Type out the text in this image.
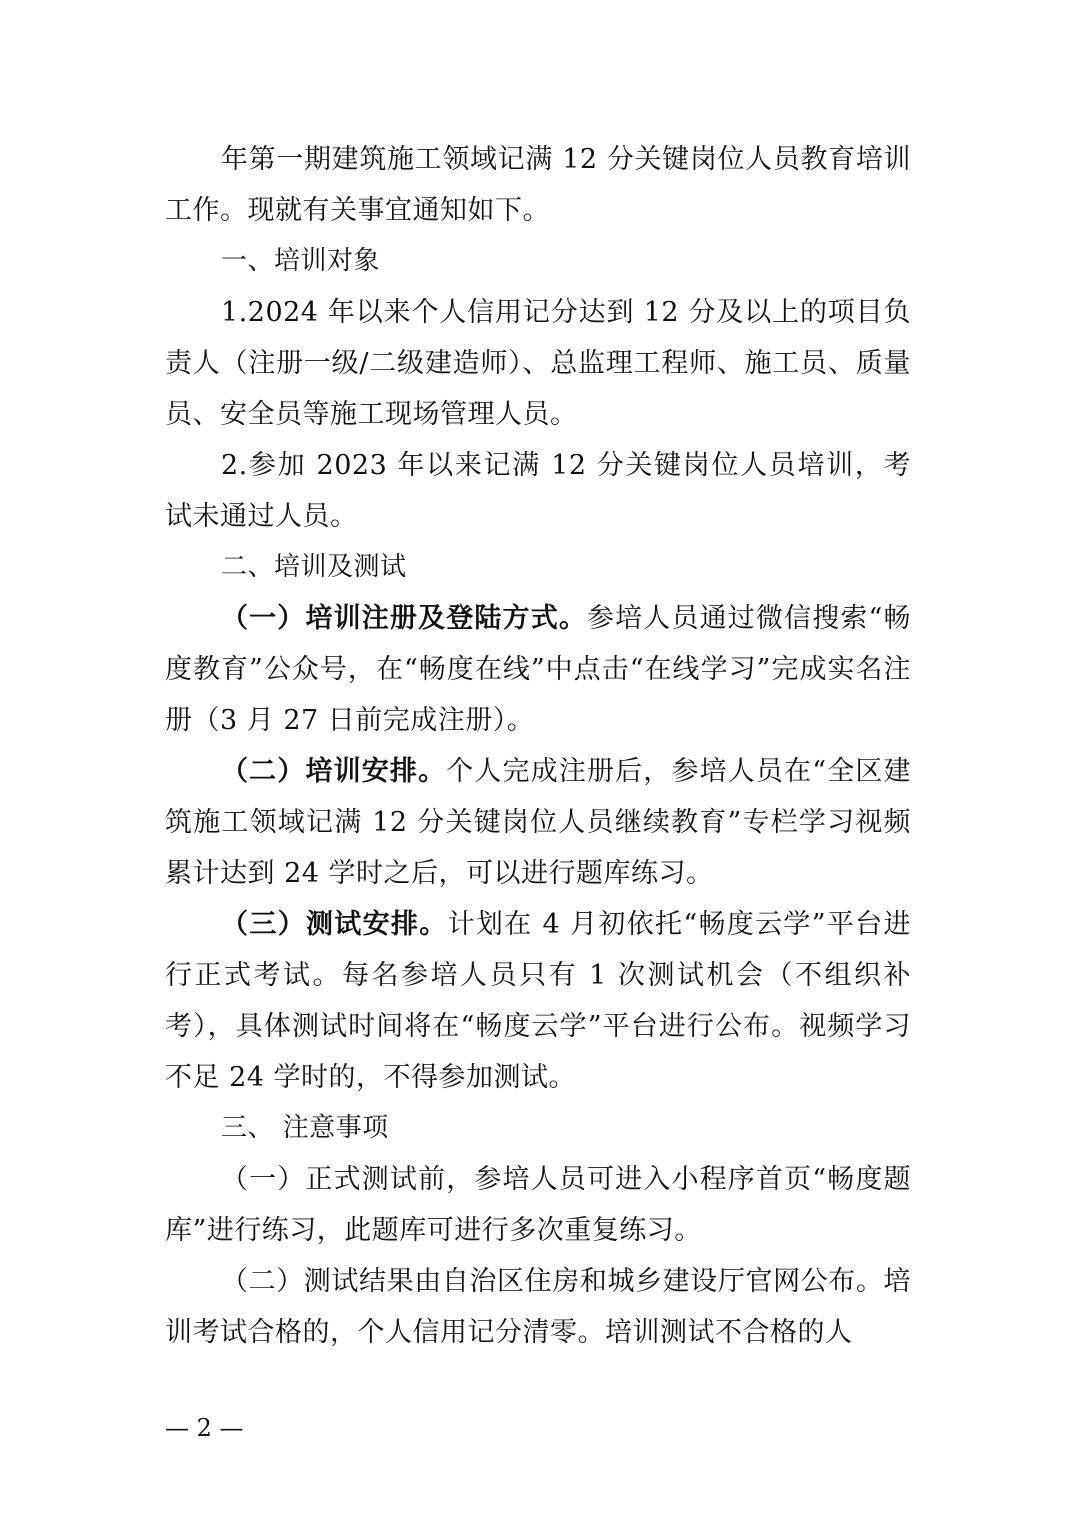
年第一期建筑施工领域记满 12 分关键岗位人员教育培训工作。现就有关事宜通知如下。

一、培训对象

1.2024 年以来个人信用记分达到 12 分及以上的项目负责人（注册一级/二级建造师）、总监理工程师、施工员、质量员、安全员等施工现场管理人员。

2.参加 2023 年以来记满 12 分关键岗位人员培训，考试未通过人员。

二、培训及测试

（一）培训注册及登陆方式。参培人员通过微信搜索“畅度教育”公众号，在“畅度在线”中点击“在线学习”完成实名注册（3 月 27 日前完成注册）。

（二）培训安排。个人完成注册后，参培人员在“全区建筑施工领域记满 12 分关键岗位人员继续教育”专栏学习视频累计达到 24 学时之后，可以进行题库练习。

（三）测试安排。计划在 4 月初依托“畅度云学”平台进行正式考试。每名参培人员只有 1 次测试机会（不组织补考），具体测试时间将在“畅度云学”平台进行公布。视频学习不足 24 学时的，不得参加测试。

三、 注意事项

（一）正式测试前，参培人员可进入小程序首页“畅度题库”进行练习，此题库可进行多次重复练习。

（二）测试结果由自治区住房和城乡建设厅官网公布。培训考试合格的，个人信用记分清零。培训测试不合格的人

— 2 —
